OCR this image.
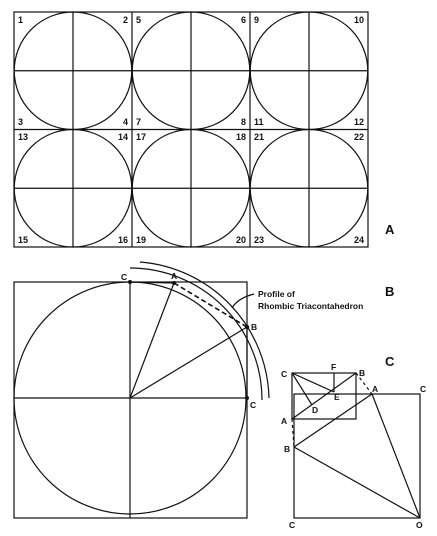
1	2 5	6 9	10
3	4 7	8 11	12
13	14 17	18 21	22
15	16 19	20 23	24
A
B
C
C	A
B
C
Profile of
Rhombic Triacontahedron
C
F
B
E
D
A
A	C
B
C	O
